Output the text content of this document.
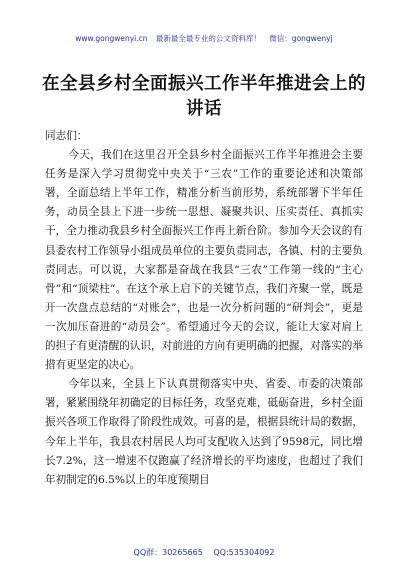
www.gongwenyi.cn 最新最全最专业的公文资料库！ 微信：gongwenyj
在全县乡村全面振兴工作半年推进会上的讲话

同志们：

今天，我们在这里召开全县乡村全面振兴工作半年推进会主要任务是深入学习贯彻党中央关于“三农”工作的重要论述和决策部署，全面总结上半年工作，精准分析当前形势，系统部署下半年任务，动员全县上下进一步统一思想、凝聚共识、压实责任、真抓实干，全力推动我县乡村全面振兴工作再上新台阶。参加今天会议的有县委农村工作领导小组成员单位的主要负责同志，各镇、村的主要负责同志。可以说，大家都是奋战在我县“三农”工作第一线的“主心骨”和“顶梁柱”。在这个承上启下的关键节点，我们齐聚一堂，既是开一次盘点总结的“对账会”，也是一次分析问题的“研判会”，更是一次加压奋进的“动员会”。希望通过今天的会议，能让大家对肩上的担子有更清醒的认识，对前进的方向有更明确的把握，对落实的举措有更坚定的决心。

今年以来，全县上下认真贯彻落实中央、省委、市委的决策部署，紧紧围绕年初确定的目标任务，攻坚克难，砥砺奋进，乡村全面振兴各项工作取得了阶段性成效。可喜的是，根据县统计局的数据，今年上半年，我县农村居民人均可支配收入达到了9598元，同比增长7.2%，这一增速不仅跑赢了经济增长的平均速度，也超过了我们年初制定的6.5%以上的年度预期目

QQ群：30265665 QQ:535304092
